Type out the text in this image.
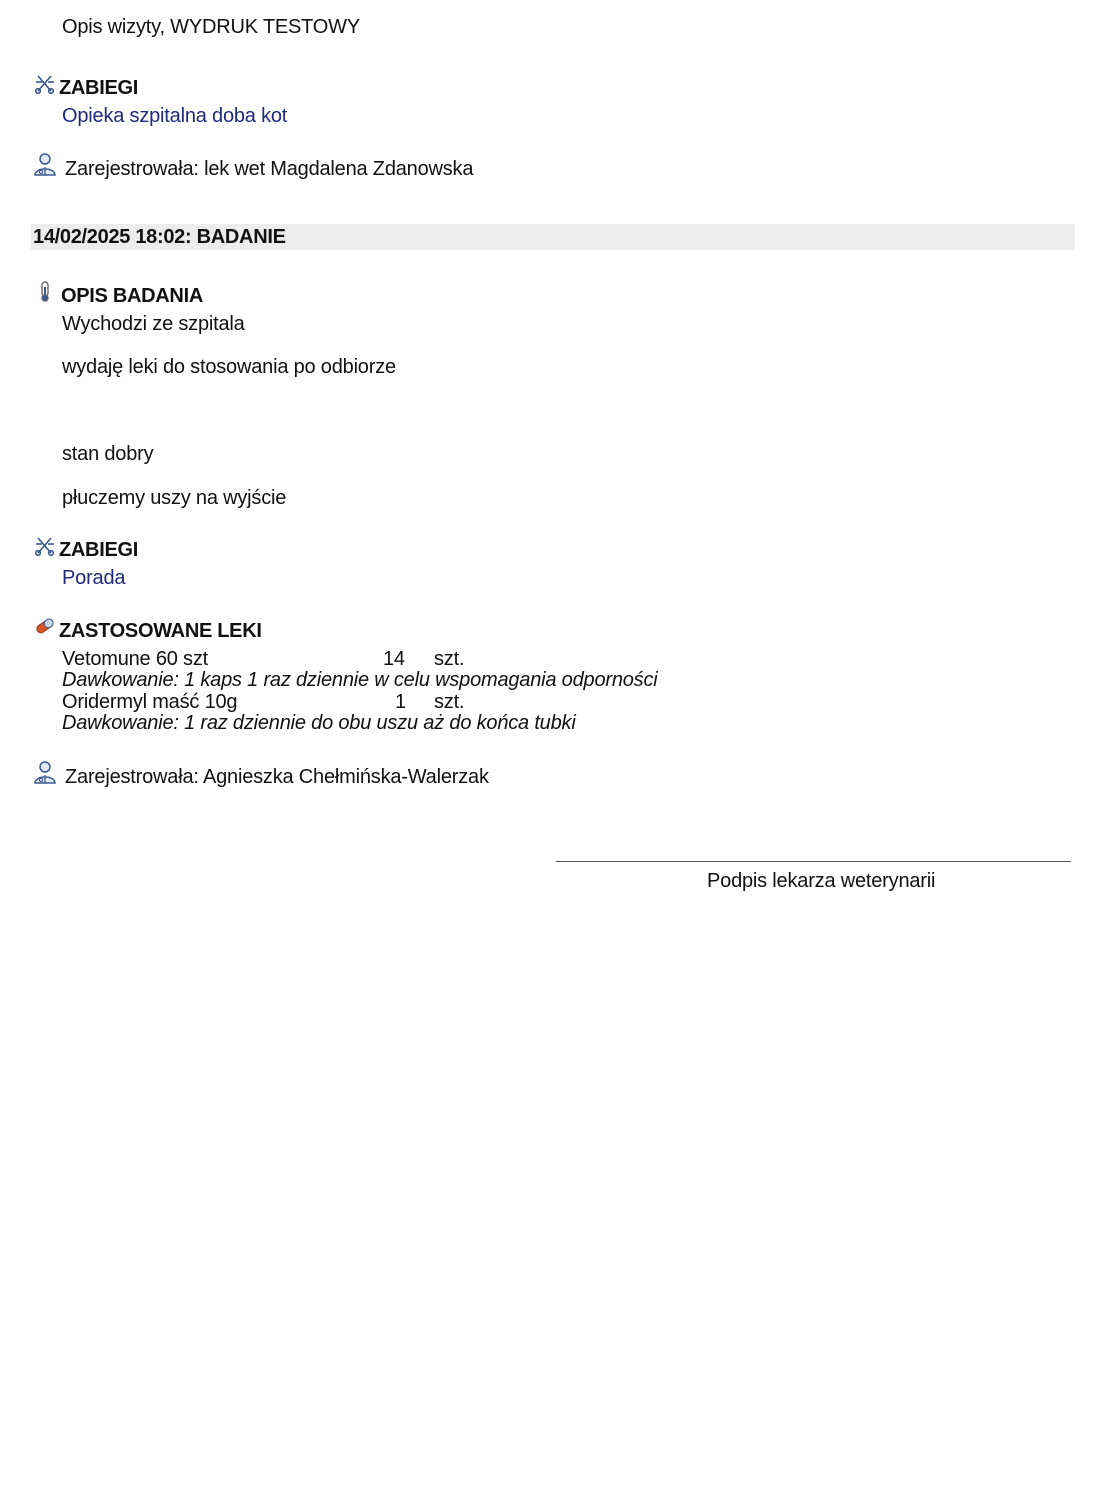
Opis wizyty, WYDRUK TESTOWY
ZABIEGI
Opieka szpitalna doba kot
Zarejestrowała: lek wet Magdalena Zdanowska
14/02/2025 18:02: BADANIE
OPIS BADANIA
Wychodzi ze szpitala
wydaję leki do stosowania po odbiorze
stan dobry
płuczemy uszy na wyjście
ZABIEGI
Porada
ZASTOSOWANE LEKI
Vetomune 60 szt	14 szt.
Dawkowanie: 1 kaps 1 raz dziennie w celu wspomagania odporności
Oridermyl maść 10g	1 szt.
Dawkowanie: 1 raz dziennie do obu uszu aż do końca tubki
Zarejestrowała: Agnieszka Chełmińska-Walerzak
Podpis lekarza weterynarii
